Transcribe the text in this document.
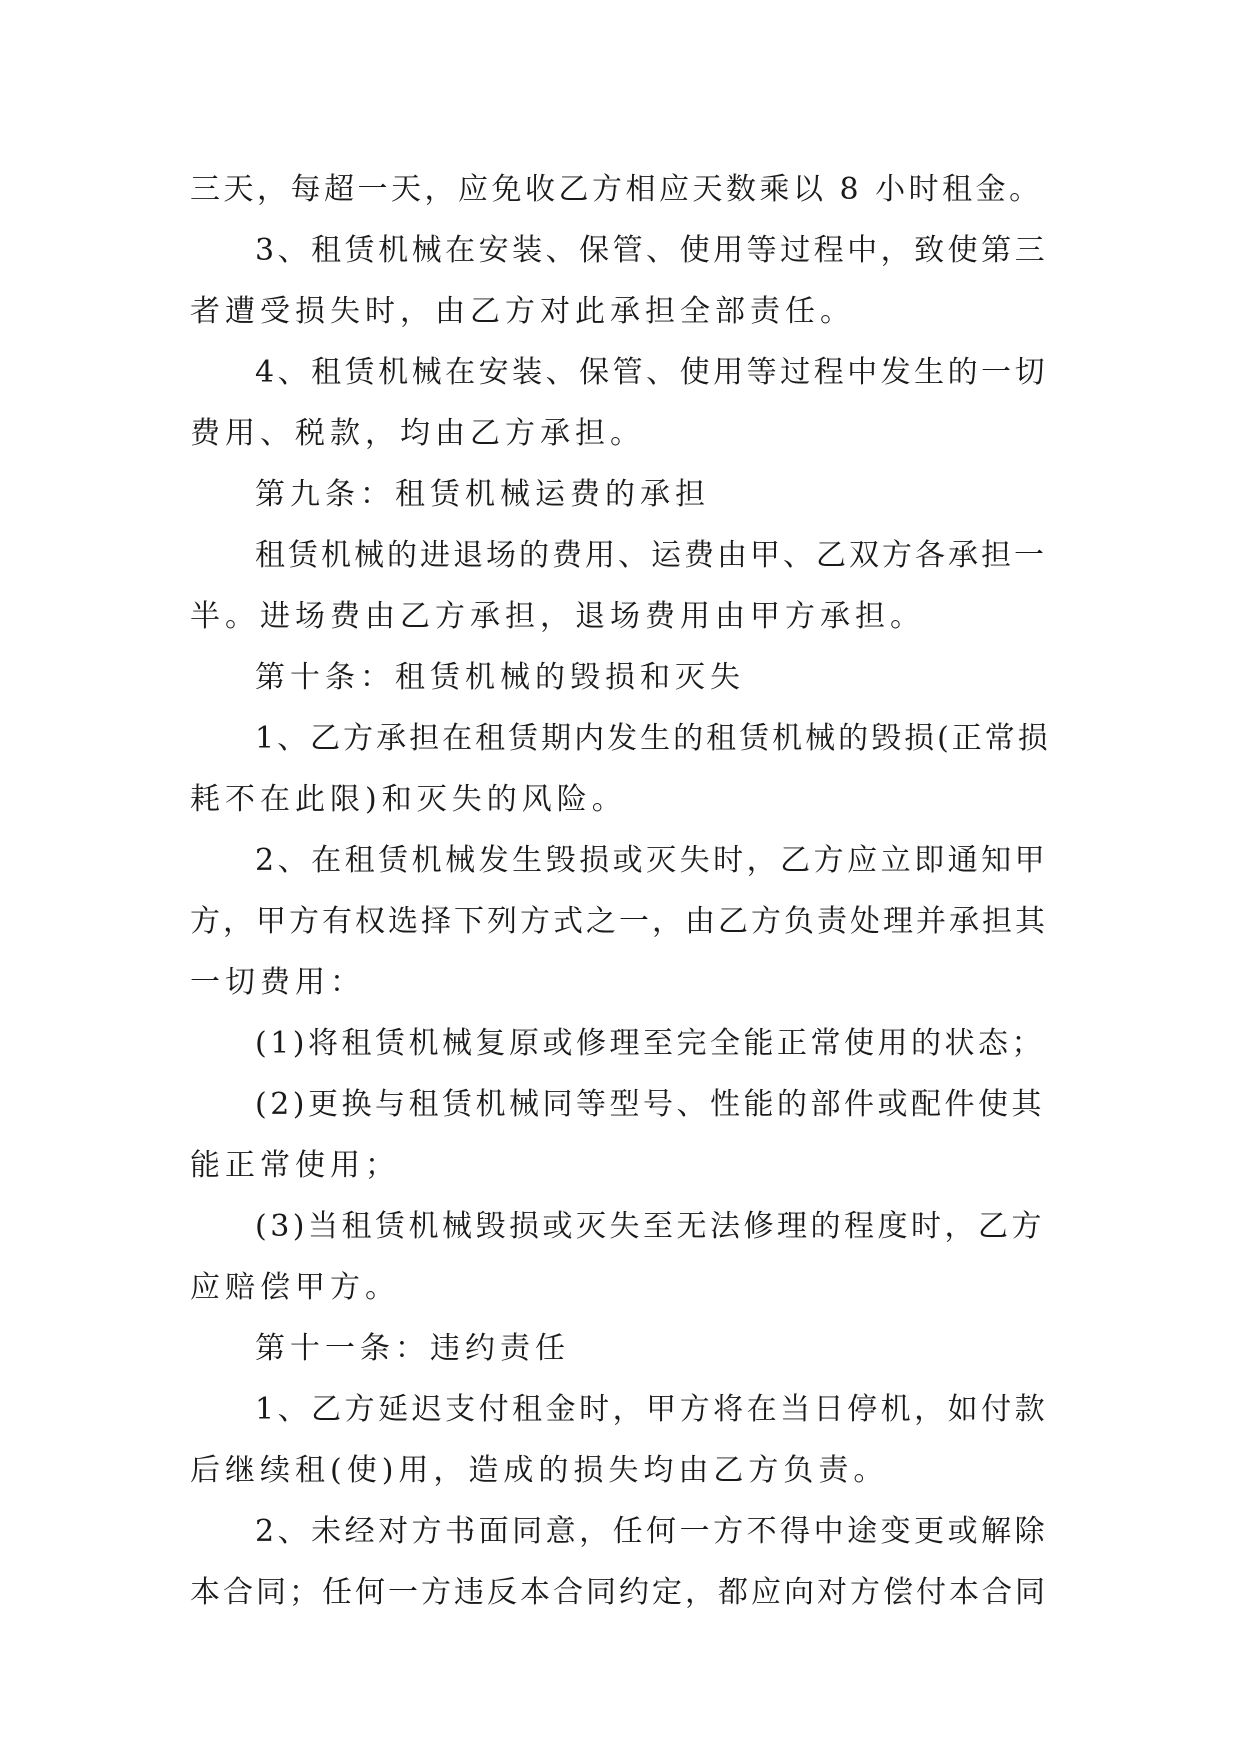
三天，每超一天，应免收乙方相应天数乘以 8 小时租金。
3、租赁机械在安装、保管、使用等过程中，致使第三
者遭受损失时，由乙方对此承担全部责任。
4、租赁机械在安装、保管、使用等过程中发生的一切
费用、税款，均由乙方承担。
第九条：租赁机械运费的承担
租赁机械的进退场的费用、运费由甲、乙双方各承担一
半。进场费由乙方承担，退场费用由甲方承担。
第十条：租赁机械的毁损和灭失
1、乙方承担在租赁期内发生的租赁机械的毁损(正常损
耗不在此限)和灭失的风险。
2、在租赁机械发生毁损或灭失时，乙方应立即通知甲
方，甲方有权选择下列方式之一，由乙方负责处理并承担其
一切费用：
(1)将租赁机械复原或修理至完全能正常使用的状态；
(2)更换与租赁机械同等型号、性能的部件或配件使其
能正常使用；
(3)当租赁机械毁损或灭失至无法修理的程度时，乙方
应赔偿甲方。
第十一条：违约责任
1、乙方延迟支付租金时，甲方将在当日停机，如付款
后继续租(使)用，造成的损失均由乙方负责。
2、未经对方书面同意，任何一方不得中途变更或解除
本合同；任何一方违反本合同约定，都应向对方偿付本合同
